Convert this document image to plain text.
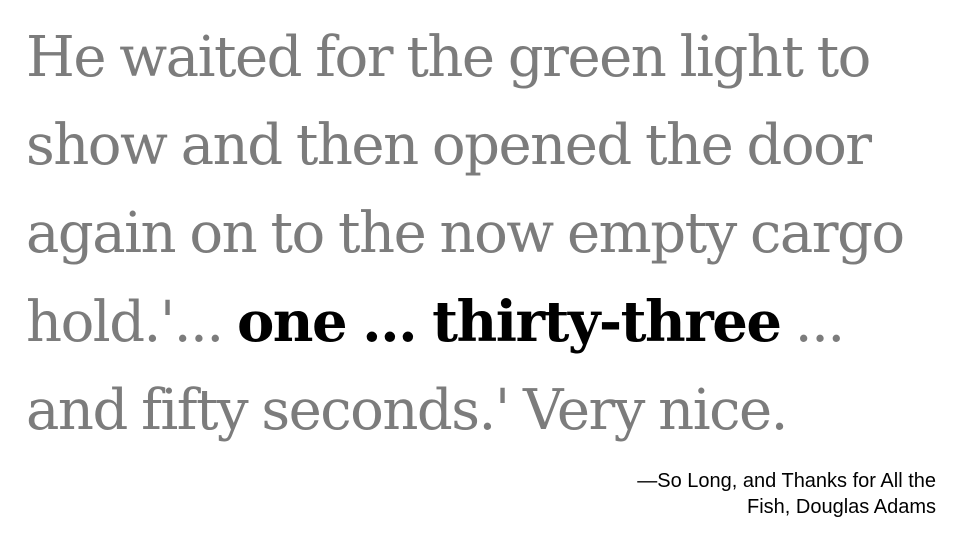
He waited for the green light to
show and then opened the door
again on to the now empty cargo
hold.'... one ... thirty-three ...
and fifty seconds.' Very nice.

—So Long, and Thanks for All the
Fish, Douglas Adams
